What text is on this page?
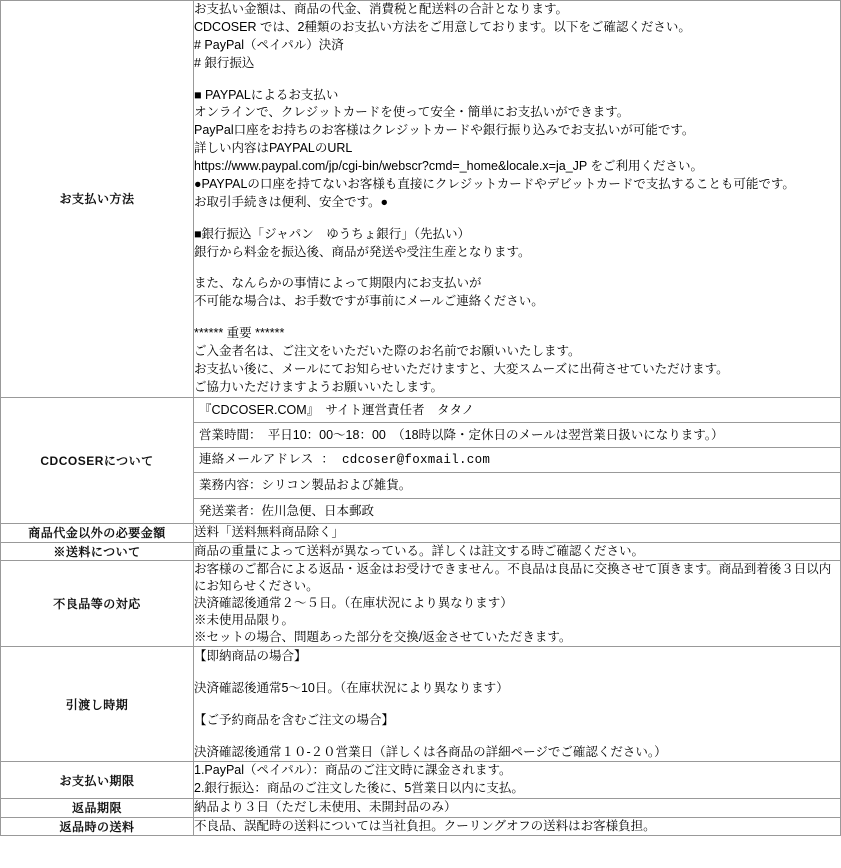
お支払い方法	
お支払い金額は、商品の代金、消費税と配送料の合計となります。
CDCOSER では、2種類のお支払い方法をご用意しております。以下をご確認ください。
# PayPal（ペイパル）決済
# 銀行振込
■ PAYPALによるお支払い
オンラインで、クレジットカードを使って安全・簡単にお支払いができます。
PayPal口座をお持ちのお客様はクレジットカードや銀行振り込みでお支払いが可能です。
詳しい内容はPAYPALのURL
https://www.paypal.com/jp/cgi-bin/webscr?cmd=_home&locale.x=ja_JP をご利用ください。
●PAYPALの口座を持てないお客様も直接にクレジットカードやデビットカードで支払することも可能です。
お取引手続きは便利、安全です。●
■銀行振込「ジャパン　ゆうちょ銀行」（先払い）
銀行から料金を振込後、商品が発送や受注生産となります。
また、なんらかの事情によって期限内にお支払いが
不可能な場合は、お手数ですが事前にメールご連絡ください。
****** 重要 ******
ご入金者名は、ご注文をいただいた際のお名前でお願いいたします。
お支払い後に、メールにてお知らせいただけますと、大変スムーズに出荷させていただけます。
ご協力いただけますようお願いいたします。

CDCOSERについて	
『CDCOSER.COM』　サイト運営責任者　タタノ
営業時間：　平日10：00～18：00　（18時以降・定休日のメールは翌営業日扱いになります。）
連絡メールアドレス ： cdcoser@foxmail.com
業務内容：シリコン製品および雑貨。
発送業者：佐川急便、日本郵政

商品代金以外の必要金額	送料「送料無料商品除く」

※送料について	商品の重量によって送料が異なっている。詳しくは註文する時ご確認ください。

不良品等の対応	
お客様のご都合による返品・返金はお受けできません。不良品は良品に交換させて頂きます。商品到着後３日以内にお知らせください。
決済確認後通常２～５日。（在庫状況により異なります）
※未使用品限り。
※セットの場合、問題あった部分を交換/返金させていただきます。

引渡し時期	
【即納商品の場合】
決済確認後通常5～10日。（在庫状況により異なります）
【ご予約商品を含むご注文の場合】
決済確認後通常１０-２０営業日（詳しくは各商品の詳細ページでご確認ください。）

お支払い期限	
1.PayPal（ペイパル）：商品のご注文時に課金されます。
2.銀行振込：商品のご注文した後に、5営業日以内に支払。

返品期限	納品より３日（ただし未使用、未開封品のみ）

返品時の送料	不良品、誤配時の送料については当社負担。クーリングオフの送料はお客様負担。
